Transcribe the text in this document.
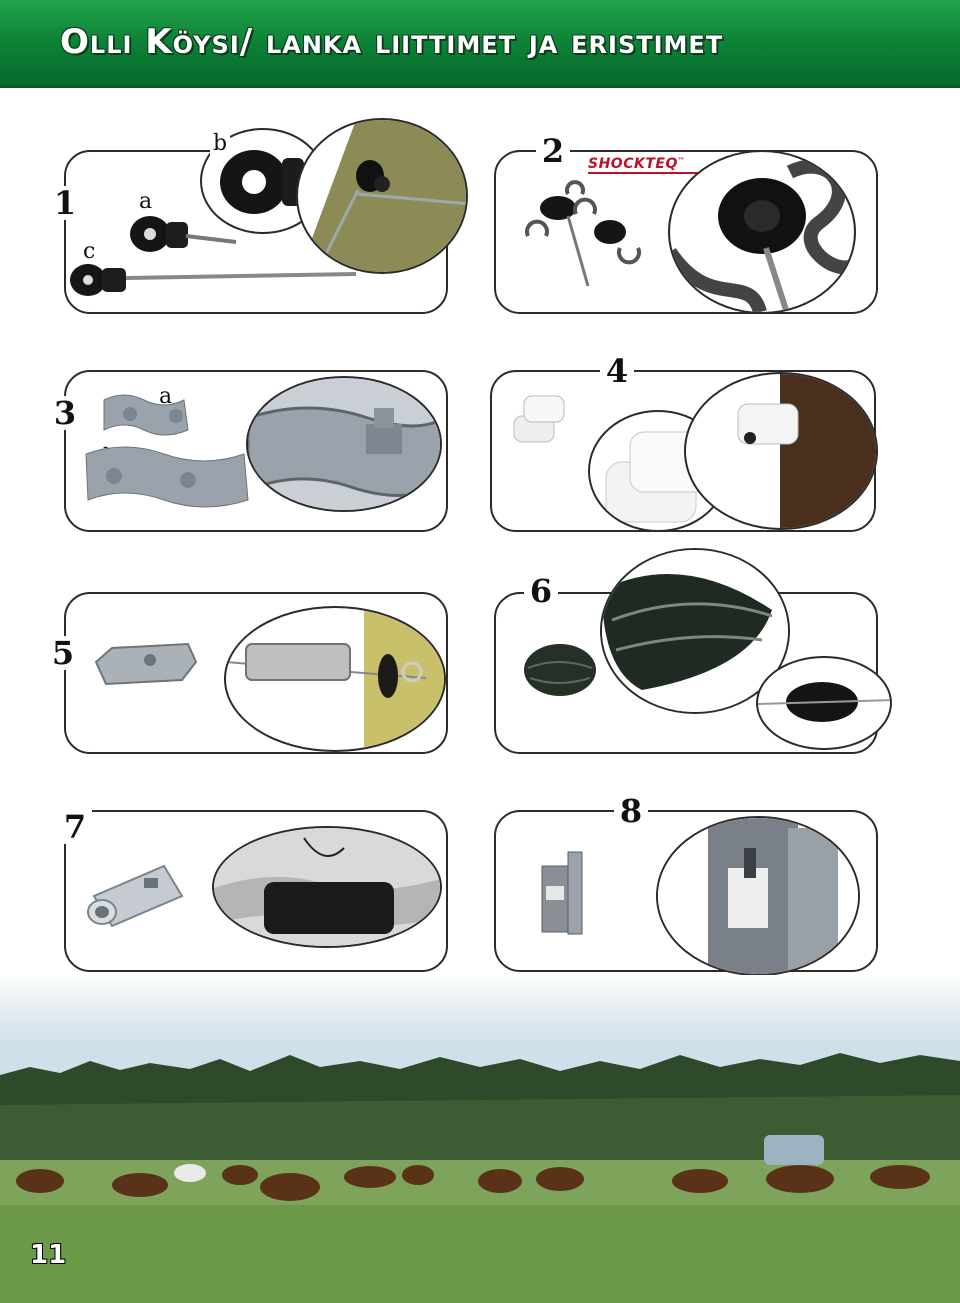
Olli Köysi/ lanka liittimet ja eristimet
1	a
b
c
2	SHOCKTEQ™
3	a
4
5
6
7	8
11
